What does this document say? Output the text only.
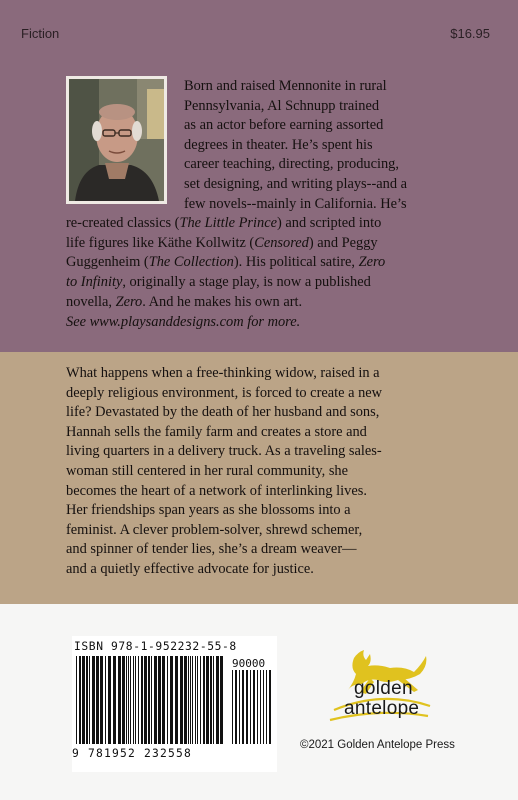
Fiction	$16.95
Born and raised Mennonite in rural
Pennsylvania, Al Schnupp trained
as an actor before earning assorted
degrees in theater. He’s spent his
career teaching, directing, producing,
set designing, and writing plays--and a
few novels--mainly in California. He’s
re-created classics (The Little Prince) and scripted into
life figures like Käthe Kollwitz (Censored) and Peggy
Guggenheim (The Collection). His political satire, Zero
to Infinity, originally a stage play, is now a published
novella, Zero. And he makes his own art.
See www.playsanddesigns.com for more.
What happens when a free-thinking widow, raised in a
deeply religious environment, is forced to create a new
life? Devastated by the death of her husband and sons,
Hannah sells the family farm and creates a store and
living quarters in a delivery truck. As a traveling sales-
woman still centered in her rural community, she
becomes the heart of a network of interlinking lives.
Her friendships span years as she blossoms into a
feminist. A clever problem-solver, shrewd schemer,
and spinner of tender lies, she’s a dream weaver—
and a quietly effective advocate for justice.
ISBN 978-1-952232-55-8
90000
9 781952 232558
golden
antelope
©2021 Golden Antelope Press
